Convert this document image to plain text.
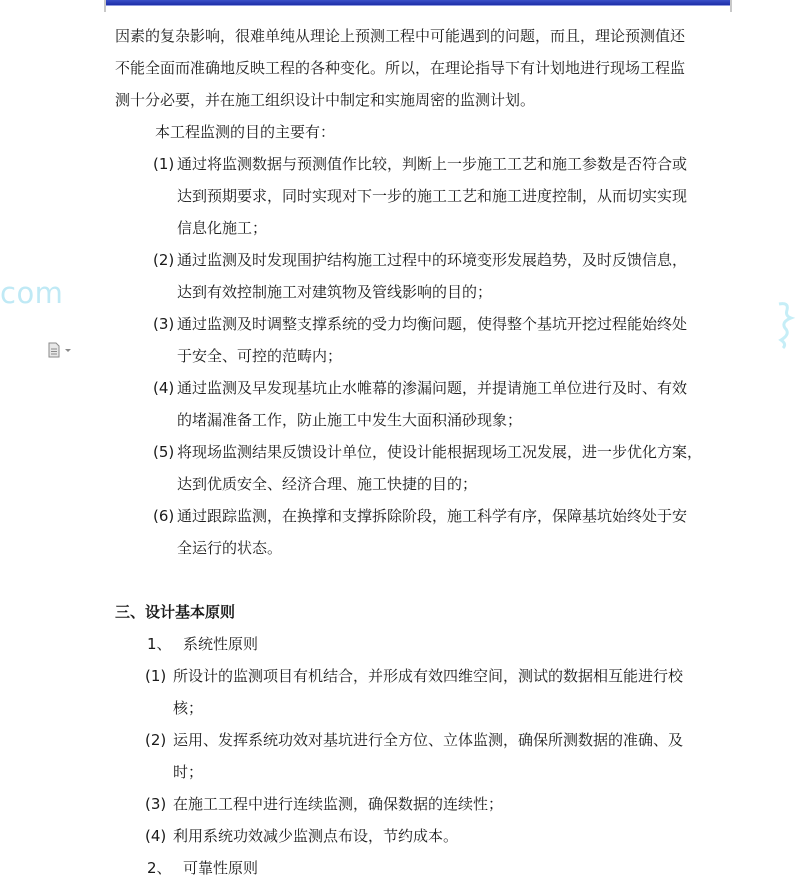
com
因素的复杂影响，很难单纯从理论上预测工程中可能遇到的问题，而且，理论预测值还
不能全面而准确地反映工程的各种变化。所以，在理论指导下有计划地进行现场工程监
测十分必要，并在施工组织设计中制定和实施周密的监测计划。
本工程监测的目的主要有：
(1) 通过将监测数据与预测值作比较，判断上一步施工工艺和施工参数是否符合或
达到预期要求，同时实现对下一步的施工工艺和施工进度控制，从而切实实现
信息化施工；
(2) 通过监测及时发现围护结构施工过程中的环境变形发展趋势，及时反馈信息，
达到有效控制施工对建筑物及管线影响的目的；
(3) 通过监测及时调整支撑系统的受力均衡问题，使得整个基坑开挖过程能始终处
于安全、可控的范畴内；
(4) 通过监测及早发现基坑止水帷幕的渗漏问题，并提请施工单位进行及时、有效
的堵漏准备工作，防止施工中发生大面积涌砂现象；
(5) 将现场监测结果反馈设计单位，使设计能根据现场工况发展，进一步优化方案，
达到优质安全、经济合理、施工快捷的目的；
(6) 通过跟踪监测，在换撑和支撑拆除阶段，施工科学有序，保障基坑始终处于安
全运行的状态。
三、设计基本原则
1、 系统性原则
(1) 所设计的监测项目有机结合，并形成有效四维空间，测试的数据相互能进行校
核；
(2) 运用、发挥系统功效对基坑进行全方位、立体监测，确保所测数据的准确、及
时；
(3) 在施工工程中进行连续监测，确保数据的连续性；
(4) 利用系统功效减少监测点布设，节约成本。
2、 可靠性原则
